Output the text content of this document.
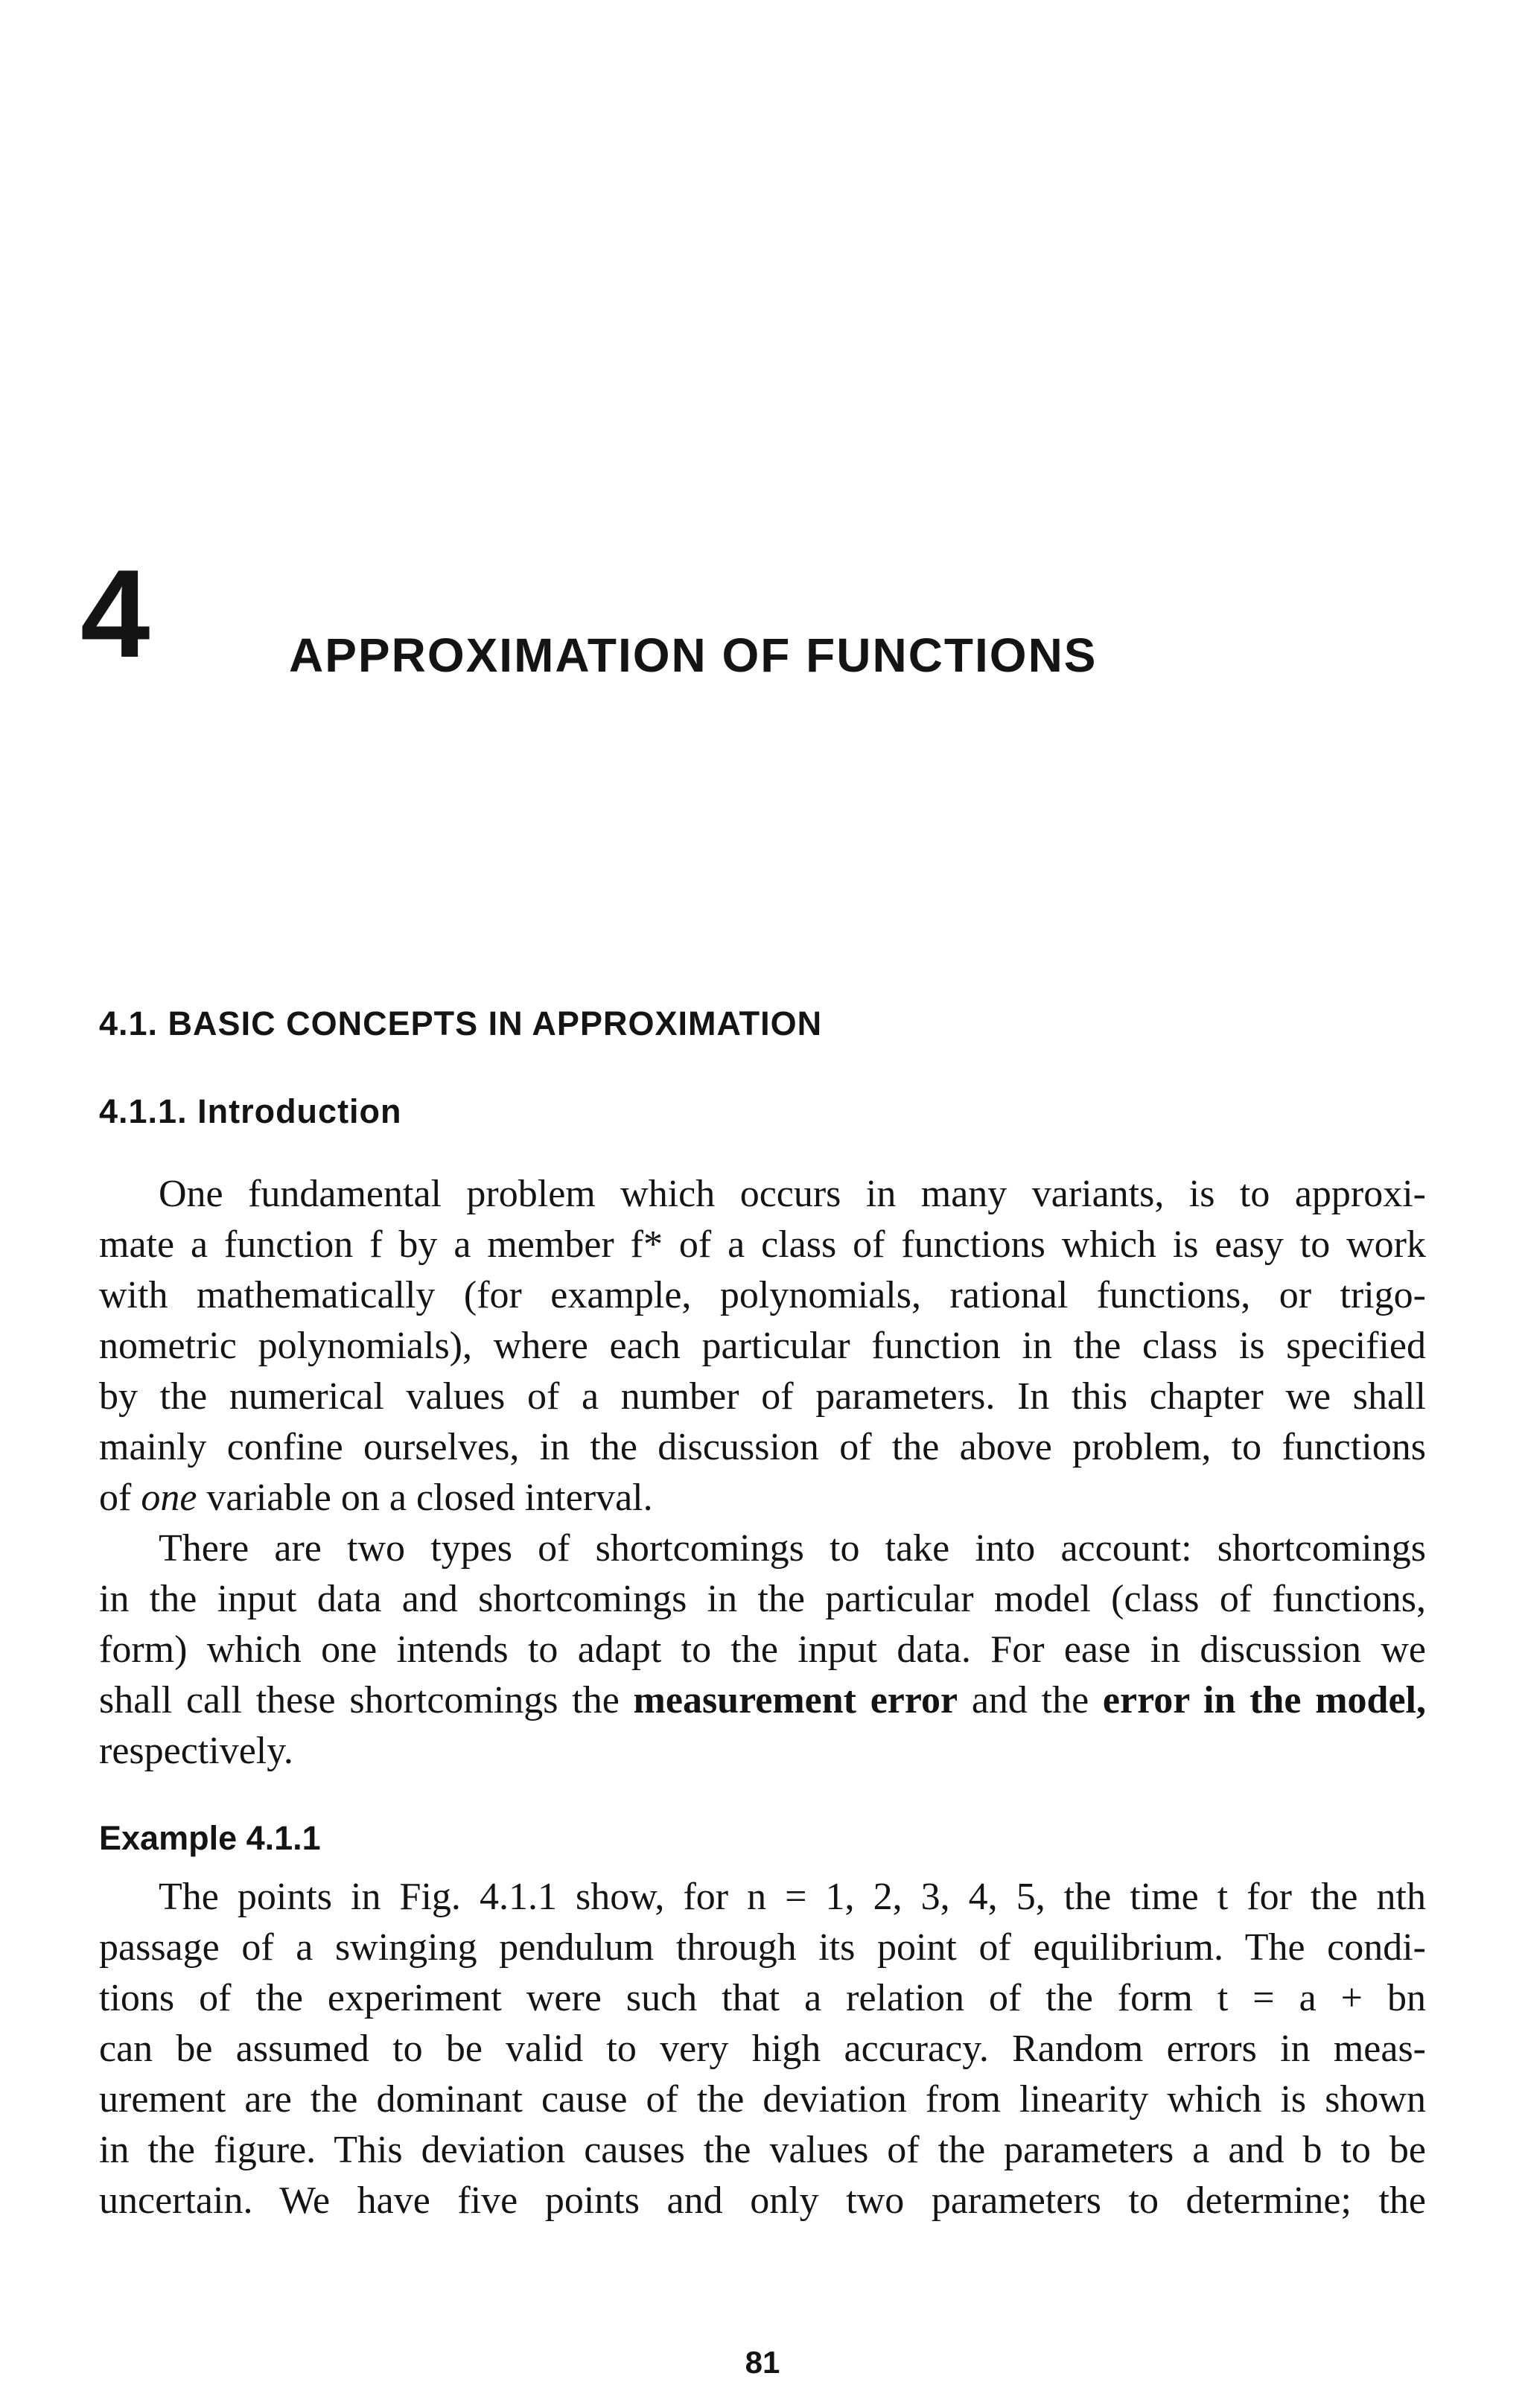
4	APPROXIMATION OF FUNCTIONS
4.1. BASIC CONCEPTS IN APPROXIMATION
4.1.1. Introduction
One fundamental problem which occurs in many variants, is to approxi-
mate a function f by a member f* of a class of functions which is easy to work
with mathematically (for example, polynomials, rational functions, or trigo-
nometric polynomials), where each particular function in the class is specified
by the numerical values of a number of parameters. In this chapter we shall
mainly confine ourselves, in the discussion of the above problem, to functions
of one variable on a closed interval.
There are two types of shortcomings to take into account: shortcomings
in the input data and shortcomings in the particular model (class of functions,
form) which one intends to adapt to the input data. For ease in discussion we
shall call these shortcomings the measurement error and the error in the model,
respectively.
Example 4.1.1
The points in Fig. 4.1.1 show, for n = 1, 2, 3, 4, 5, the time t for the nth
passage of a swinging pendulum through its point of equilibrium. The condi-
tions of the experiment were such that a relation of the form t = a + bn
can be assumed to be valid to very high accuracy. Random errors in meas-
urement are the dominant cause of the deviation from linearity which is shown
in the figure. This deviation causes the values of the parameters a and b to be
uncertain. We have five points and only two parameters to determine; the
81
